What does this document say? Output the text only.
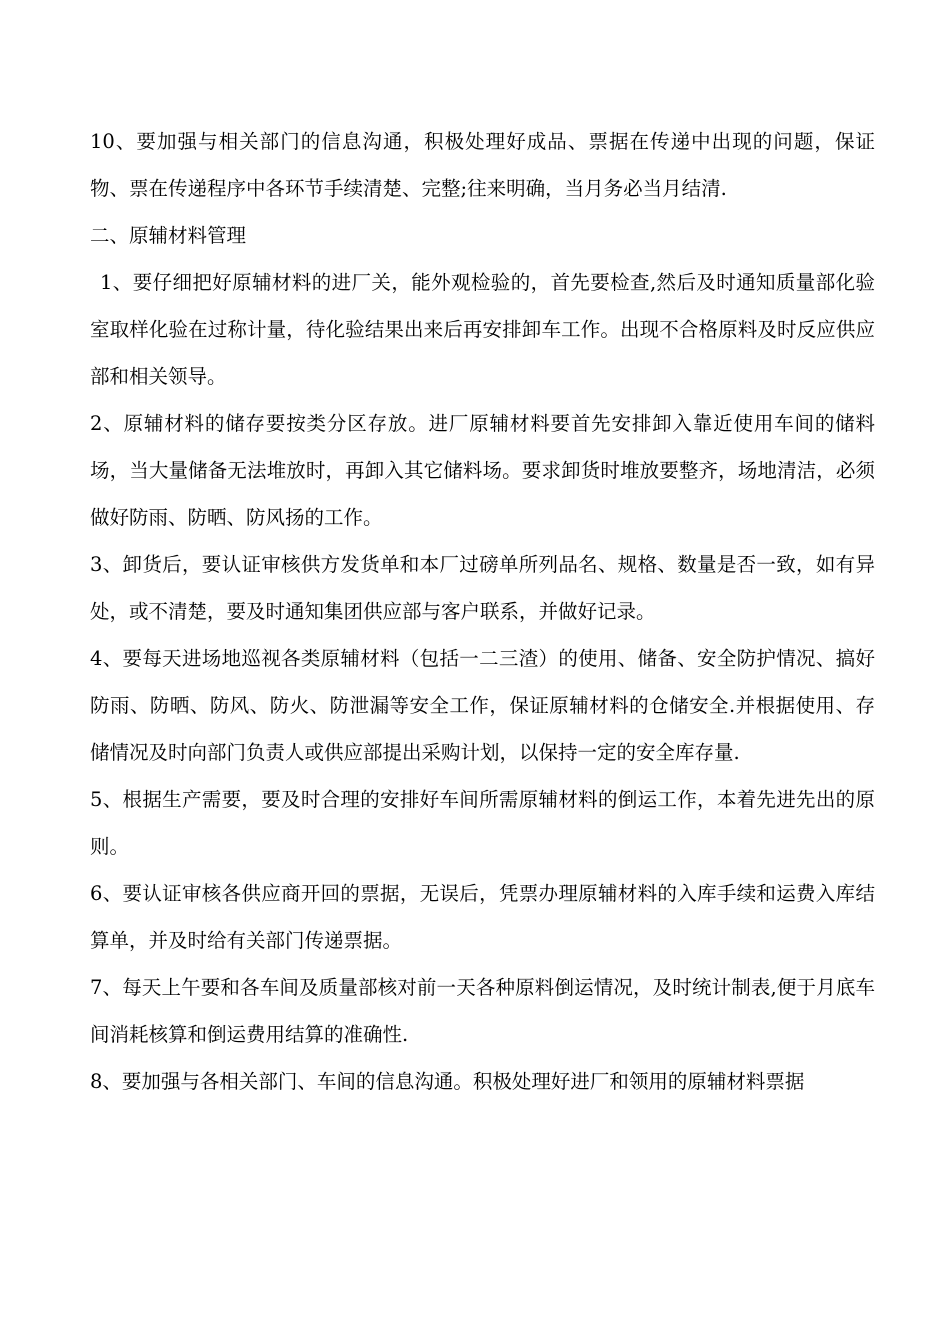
10、要加强与相关部门的信息沟通，积极处理好成品、票据在传递中出现的问题，保证物、票在传递程序中各环节手续清楚、完整;往来明确，当月务必当月结清.

二、原辅材料管理

1、要仔细把好原辅材料的进厂关，能外观检验的，首先要检查,然后及时通知质量部化验室取样化验在过称计量，待化验结果出来后再安排卸车工作。出现不合格原料及时反应供应部和相关领导。

2、原辅材料的储存要按类分区存放。进厂原辅材料要首先安排卸入靠近使用车间的储料场，当大量储备无法堆放时，再卸入其它储料场。要求卸货时堆放要整齐，场地清洁，必须做好防雨、防晒、防风扬的工作。

3、卸货后，要认证审核供方发货单和本厂过磅单所列品名、规格、数量是否一致，如有异处，或不清楚，要及时通知集团供应部与客户联系，并做好记录。

4、要每天进场地巡视各类原辅材料（包括一二三渣）的使用、储备、安全防护情况、搞好防雨、防晒、防风、防火、防泄漏等安全工作，保证原辅材料的仓储安全.并根据使用、存储情况及时向部门负责人或供应部提出采购计划，以保持一定的安全库存量.

5、根据生产需要，要及时合理的安排好车间所需原辅材料的倒运工作，本着先进先出的原则。

6、要认证审核各供应商开回的票据，无误后，凭票办理原辅材料的入库手续和运费入库结算单，并及时给有关部门传递票据。

7、每天上午要和各车间及质量部核对前一天各种原料倒运情况，及时统计制表,便于月底车间消耗核算和倒运费用结算的准确性.

8、要加强与各相关部门、车间的信息沟通。积极处理好进厂和领用的原辅材料票据
